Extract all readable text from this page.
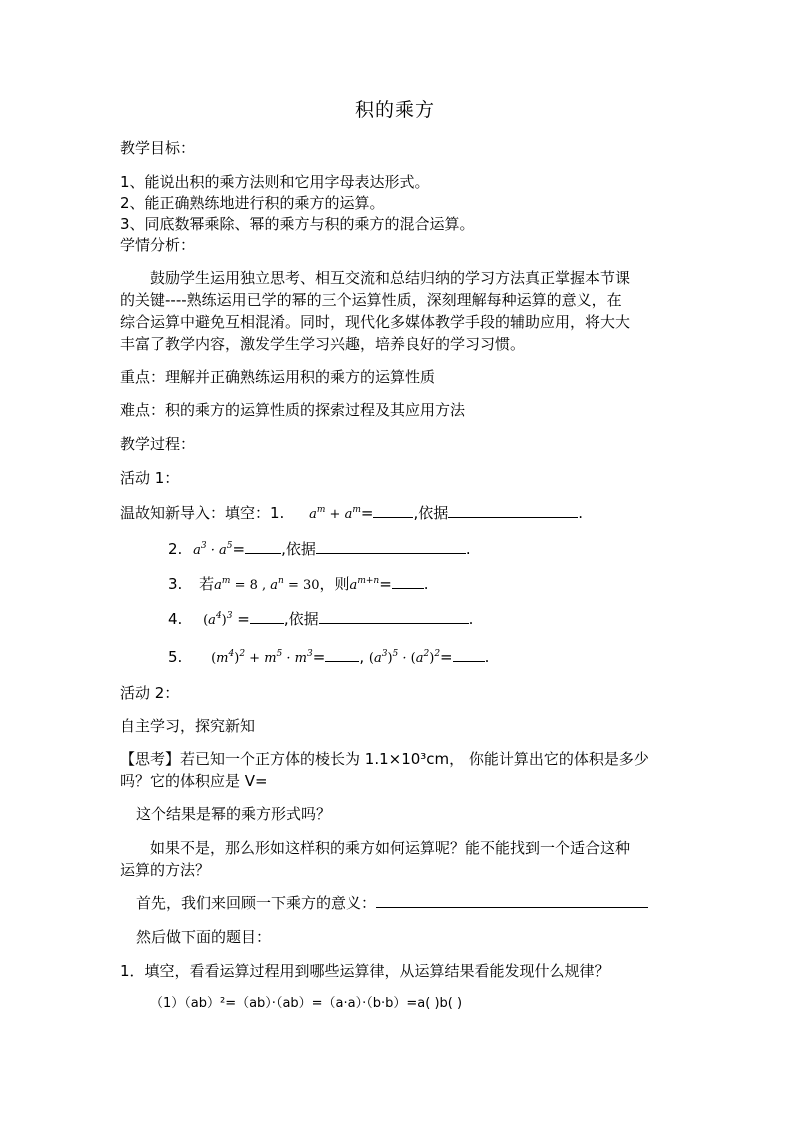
积的乘方
教学目标：
1、能说出积的乘方法则和它用字母表达形式。
2、能正确熟练地进行积的乘方的运算。
3、同底数幂乘除、幂的乘方与积的乘方的混合运算。
学情分析：
鼓励学生运用独立思考、相互交流和总结归纳的学习方法真正掌握本节课
的关键----熟练运用已学的幂的三个运算性质，深刻理解每种运算的意义，在
综合运算中避免互相混淆。同时，现代化多媒体教学手段的辅助应用，将大大
丰富了教学内容，激发学生学习兴趣，培养良好的学习习惯。
重点：理解并正确熟练运用积的乘方的运算性质
难点：积的乘方的运算性质的探索过程及其应用方法
教学过程：
活动 1：
温故知新导入：填空：1. $a^m + a^m=$	,依据	.
2. $a^3 \cdot a^5=$ ,依据	.
3. 若$a^m = 8$ , $a^n = 30$，则$a^{m+n}=$ .
4. $(a^4)^3$ = ,依据	.
5. $(m^4)^2 + m^5 \cdot m^3=$ , $(a^3)^5 \cdot (a^2)^2=$ .
活动 2：
自主学习，探究新知
【思考】若已知一个正方体的棱长为 1.1×10³cm， 你能计算出它的体积是多少
吗？它的体积应是 V=
这个结果是幂的乘方形式吗？
如果不是，那么形如这样积的乘方如何运算呢？能不能找到一个适合这种
运算的方法？
首先，我们来回顾一下乘方的意义：
然后做下面的题目：
1．填空，看看运算过程用到哪些运算律，从运算结果看能发现什么规律？
（1）（ab）²=（ab）·（ab）=（a·a）·（b·b）=a( )b( )
